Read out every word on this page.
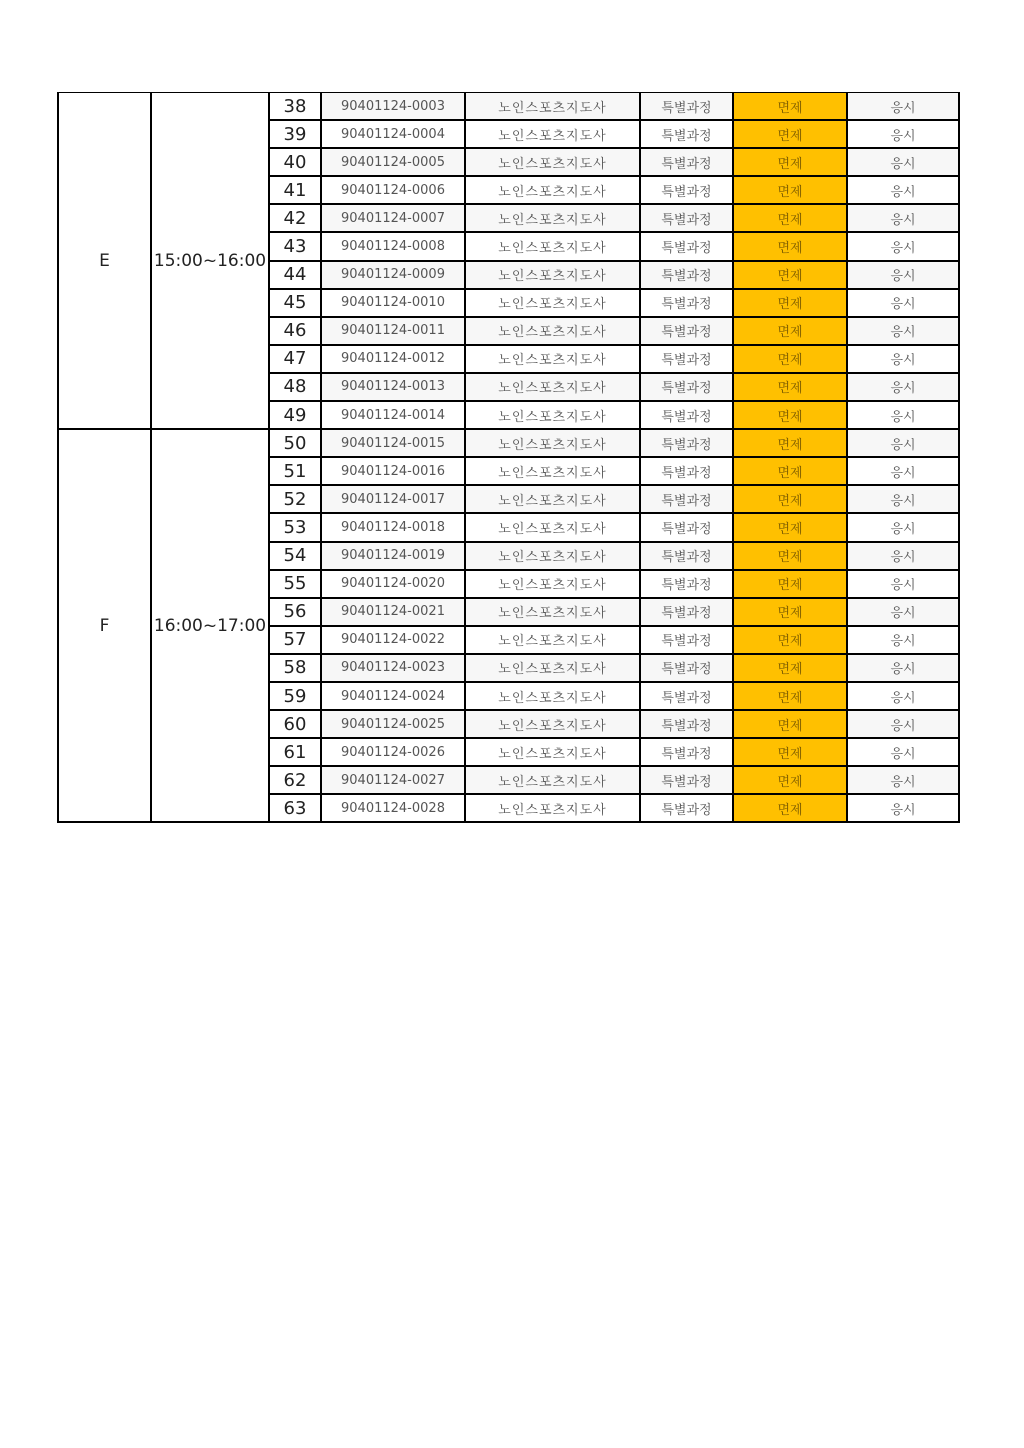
E	15:00~16:00	38	90401124-0003	노인스포츠지도사	특별과정	면제	응시
		39	90401124-0004	노인스포츠지도사	특별과정	면제	응시
		40	90401124-0005	노인스포츠지도사	특별과정	면제	응시
		41	90401124-0006	노인스포츠지도사	특별과정	면제	응시
		42	90401124-0007	노인스포츠지도사	특별과정	면제	응시
		43	90401124-0008	노인스포츠지도사	특별과정	면제	응시
		44	90401124-0009	노인스포츠지도사	특별과정	면제	응시
		45	90401124-0010	노인스포츠지도사	특별과정	면제	응시
		46	90401124-0011	노인스포츠지도사	특별과정	면제	응시
		47	90401124-0012	노인스포츠지도사	특별과정	면제	응시
		48	90401124-0013	노인스포츠지도사	특별과정	면제	응시
		49	90401124-0014	노인스포츠지도사	특별과정	면제	응시
F	16:00~17:00	50	90401124-0015	노인스포츠지도사	특별과정	면제	응시
		51	90401124-0016	노인스포츠지도사	특별과정	면제	응시
		52	90401124-0017	노인스포츠지도사	특별과정	면제	응시
		53	90401124-0018	노인스포츠지도사	특별과정	면제	응시
		54	90401124-0019	노인스포츠지도사	특별과정	면제	응시
		55	90401124-0020	노인스포츠지도사	특별과정	면제	응시
		56	90401124-0021	노인스포츠지도사	특별과정	면제	응시
		57	90401124-0022	노인스포츠지도사	특별과정	면제	응시
		58	90401124-0023	노인스포츠지도사	특별과정	면제	응시
		59	90401124-0024	노인스포츠지도사	특별과정	면제	응시
		60	90401124-0025	노인스포츠지도사	특별과정	면제	응시
		61	90401124-0026	노인스포츠지도사	특별과정	면제	응시
		62	90401124-0027	노인스포츠지도사	특별과정	면제	응시
		63	90401124-0028	노인스포츠지도사	특별과정	면제	응시
